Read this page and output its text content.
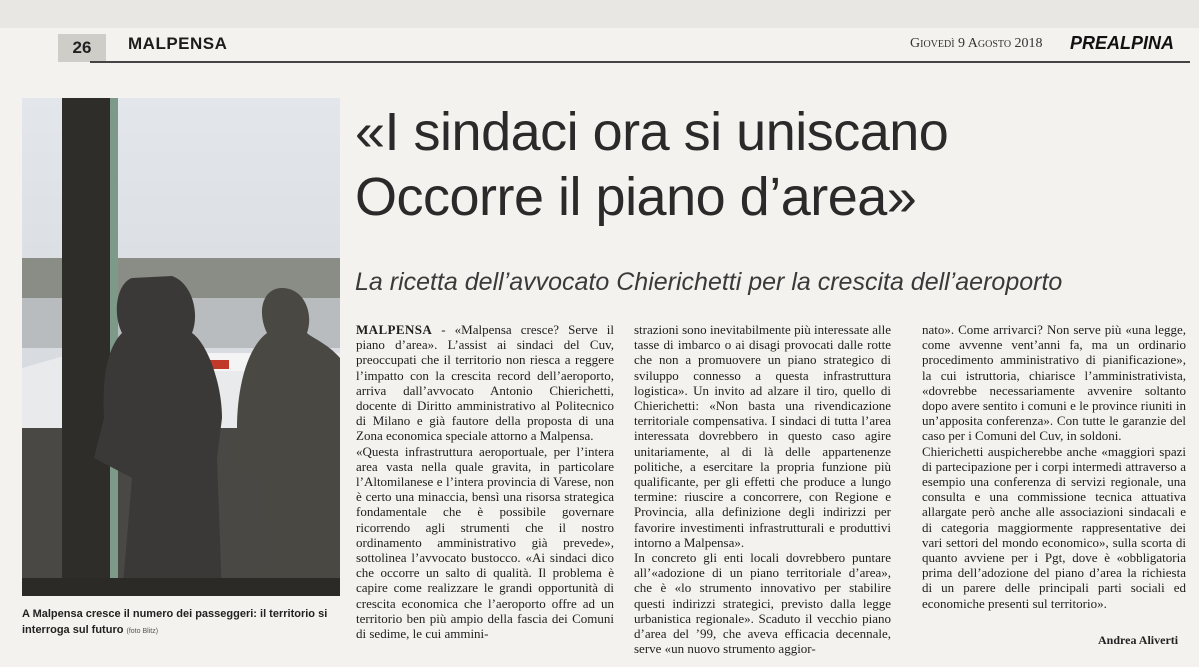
26	MALPENSA	Giovedì 9 Agosto 2018 PREALPINA
A Malpensa cresce il numero dei passeggeri: il territorio si interroga sul futuro (foto Blitz)
«I sindaci ora si uniscano
Occorre il piano d’area»
La ricetta dell’avvocato Chierichetti per la crescita dell’aeroporto

MALPENSA - «Malpensa cresce? Serve il piano d’area». L’assist ai sindaci del Cuv, preoccupati che il territorio non riesca a reggere l’impatto con la crescita record dell’aeroporto, arriva dall’avvocato Antonio Chierichetti, docente di Diritto amministrativo al Politecnico di Milano e già fautore della proposta di una Zona economica speciale attorno a Malpensa.

«Questa infrastruttura aeroportuale, per l’intera area vasta nella quale gravita, in particolare l’Altomilanese e l’intera provincia di Varese, non è certo una minaccia, bensì una risorsa strategica fondamentale che è possibile governare ricorrendo agli strumenti che il nostro ordinamento amministrativo già prevede», sottolinea l’avvocato bustocco. «Ai sindaci dico che occorre un salto di qualità. Il problema è capire come realizzare le grandi opportunità di crescita economica che l’aeroporto offre ad un territorio ben più ampio della fascia dei Comuni di sedime, le cui ammini-

strazioni sono inevitabilmente più interessate alle tasse di imbarco o ai disagi provocati dalle rotte che non a promuovere un piano strategico di sviluppo connesso a questa infrastruttura logistica». Un invito ad alzare il tiro, quello di Chierichetti: «Non basta una rivendicazione territoriale compensativa. I sindaci di tutta l’area interessata dovrebbero in questo caso agire unitariamente, al di là delle appartenenze politiche, a esercitare la propria funzione più qualificante, per gli effetti che produce a lungo termine: riuscire a concorrere, con Regione e Provincia, alla definizione degli indirizzi per favorire investimenti infrastrutturali e produttivi intorno a Malpensa».

In concreto gli enti locali dovrebbero puntare all’«adozione di un piano territoriale d’area», che è «lo strumento innovativo per stabilire questi indirizzi strategici, previsto dalla legge urbanistica regionale». Scaduto il vecchio piano d’area del ’99, che aveva efficacia decennale, serve «un nuovo strumento aggior-

nato». Come arrivarci? Non serve più «una legge, come avvenne vent’anni fa, ma un ordinario procedimento amministrativo di pianificazione», la cui istruttoria, chiarisce l’amministrativista, «dovrebbe necessariamente avvenire soltanto dopo avere sentito i comuni e le province riuniti in un’apposita conferenza». Con tutte le garanzie del caso per i Comuni del Cuv, in soldoni.

Chierichetti auspicherebbe anche «maggiori spazi di partecipazione per i corpi intermedi attraverso a esempio una conferenza di servizi regionale, una consulta e una commissione tecnica attuativa allargate però anche alle associazioni sindacali e di categoria maggiormente rappresentative dei vari settori del mondo economico», sulla scorta di quanto avviene per i Pgt, dove è «obbligatoria prima dell’adozione del piano d’area la richiesta di un parere delle principali parti sociali ed economiche presenti sul territorio».

Andrea Aliverti
